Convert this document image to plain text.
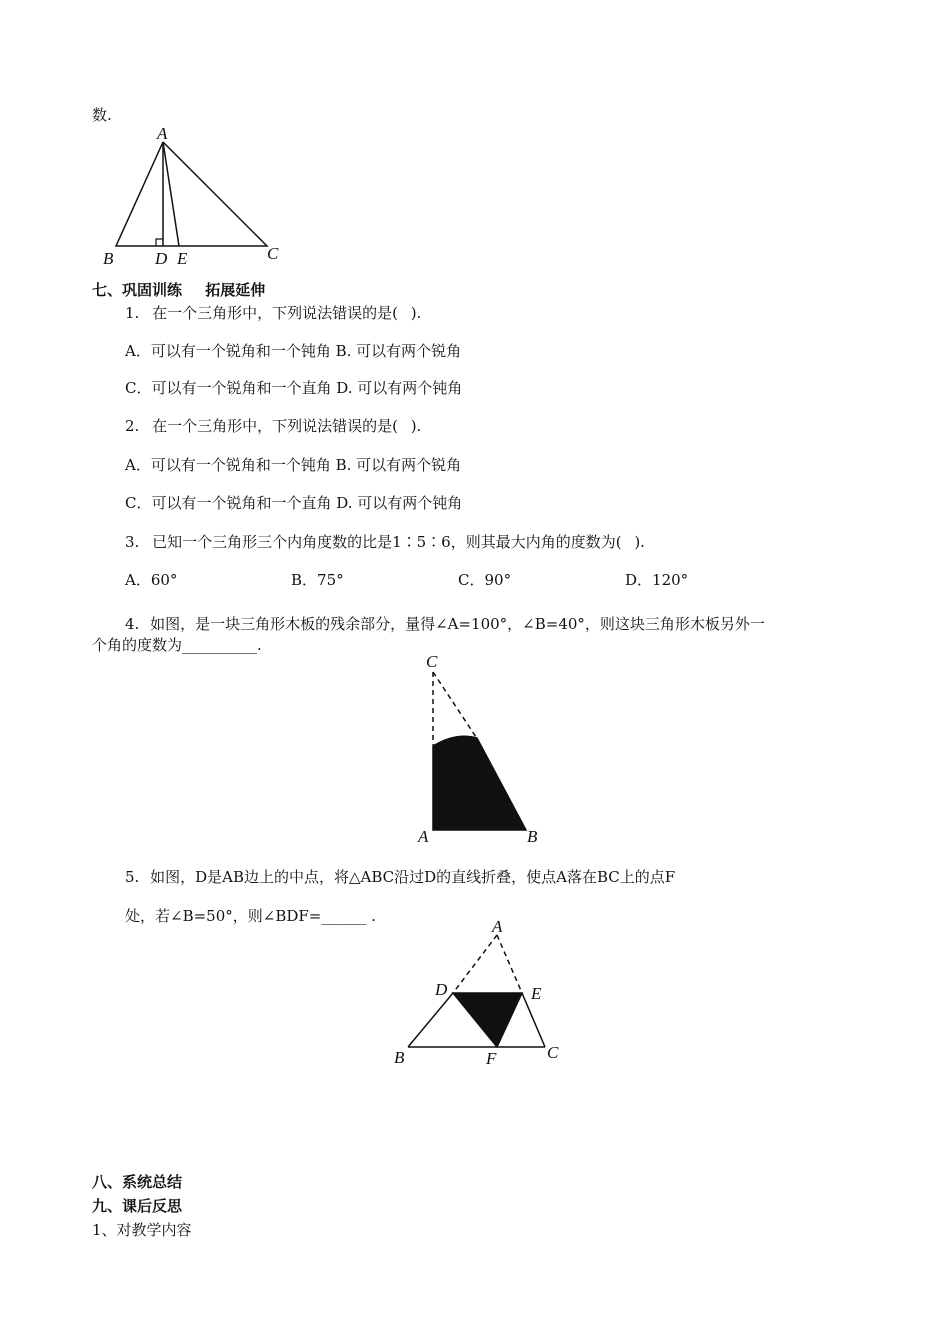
数.
A
B D E	C
七、巩固训练 拓展延伸
1. 在一个三角形中，下列说法错误的是( ).
A．可以有一个锐角和一个钝角 B. 可以有两个锐角
C．可以有一个锐角和一个直角 D. 可以有两个钝角
2. 在一个三角形中，下列说法错误的是( ).
A．可以有一个锐角和一个钝角 B. 可以有两个锐角
C．可以有一个锐角和一个直角 D. 可以有两个钝角
3. 已知一个三角形三个内角度数的比是1∶5∶6，则其最大内角的度数为( ).
A．60°	B．75°	C．90°	D．120°
4. 如图，是一块三角形木板的残余部分，量得∠A=100°，∠B=40°，则这块三角形木板另外一
个角的度数为__________.
C
A	B
5. 如图，D是AB边上的中点，将△ABC沿过D的直线折叠，使点A落在BC上的点F
处，若∠B=50°，则∠BDF=______ .
A
D	E
B	F	C
八、系统总结
九、课后反思
1、对教学内容
